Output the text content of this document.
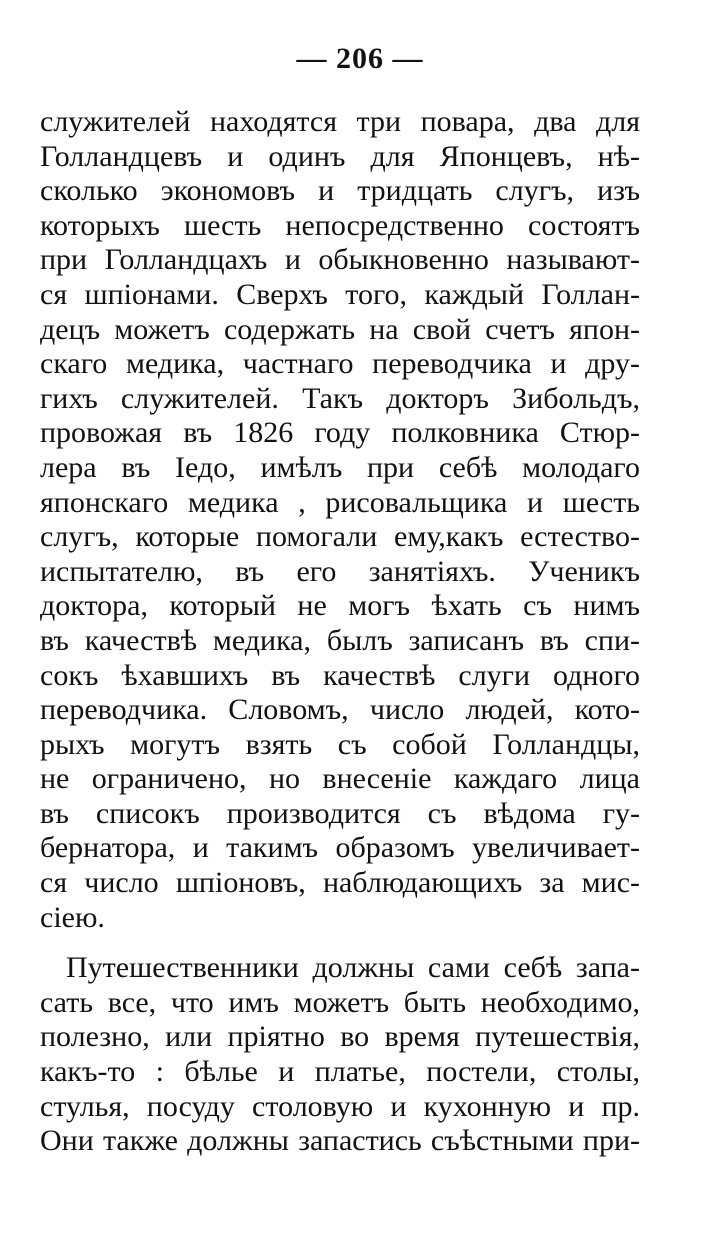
— 206 —
служителей находятся три повара, два для
Голландцевъ и одинъ для Японцевъ, нѣ-
сколько экономовъ и тридцать слугъ, изъ
которыхъ шесть непосредственно состоятъ
при Голландцахъ и обыкновенно называют-
ся шпіонами. Сверхъ того, каждый Голлан-
децъ можетъ содержать на свой счетъ япон-
скаго медика, частнаго переводчика и дру-
гихъ служителей. Такъ докторъ Зибольдъ,
провожая въ 1826 году полковника Стюр-
лера въ Іедо, имѣлъ при себѣ молодаго
японскаго медика , рисовальщика и шесть
слугъ, которые помогали ему,какъ естество-
испытателю, въ его занятіяхъ. Ученикъ
доктора, который не могъ ѣхать съ нимъ
въ качествѣ медика, былъ записанъ въ спи-
сокъ ѣхавшихъ въ качествѣ слуги одного
переводчика. Словомъ, число людей, кото-
рыхъ могутъ взять съ собой Голландцы,
не ограничено, но внесеніе каждаго лица
въ списокъ производится съ вѣдома гу-
бернатора, и такимъ образомъ увеличивает-
ся число шпіоновъ, наблюдающихъ за мис-
сіею.
Путешественники должны сами себѣ запа-
сать все, что имъ можетъ быть необходимо,
полезно, или пріятно во время путешествія,
какъ-то : бѣлье и платье, постели, столы,
стулья, посуду столовую и кухонную и пр.
Они также должны запастись съѣстными при-
